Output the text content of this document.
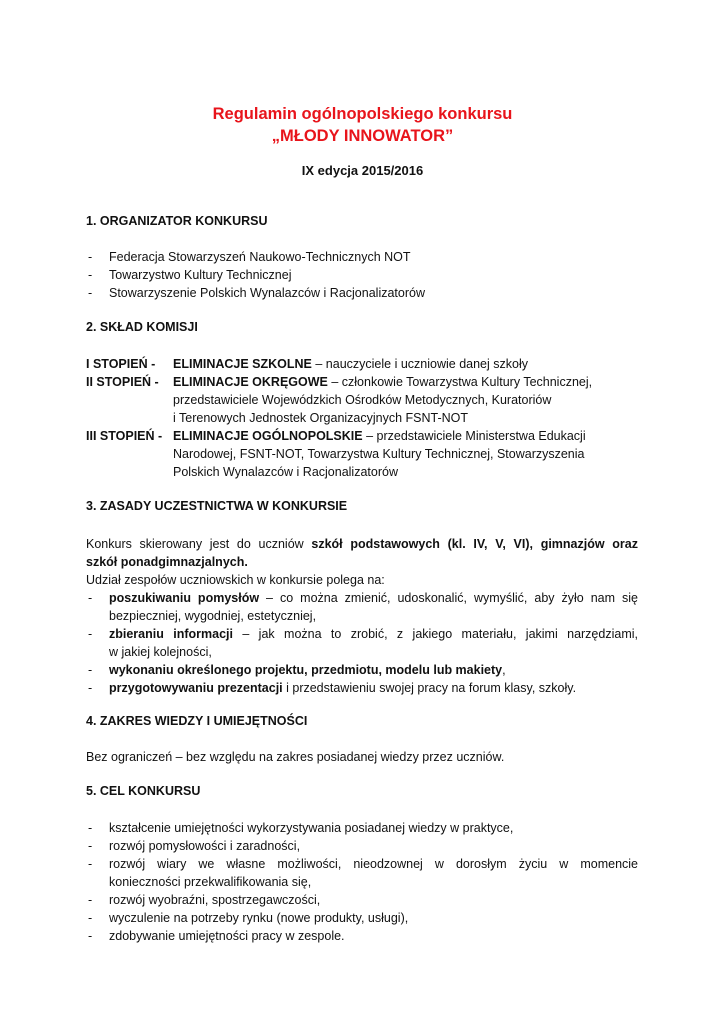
Regulamin ogólnopolskiego konkursu
„MŁODY INNOWATOR”
IX edycja 2015/2016
1. ORGANIZATOR KONKURSU
- Federacja Stowarzyszeń Naukowo-Technicznych NOT
- Towarzystwo Kultury Technicznej
- Stowarzyszenie Polskich Wynalazców i Racjonalizatorów
2. SKŁAD KOMISJI
I STOPIEŃ - ELIMINACJE SZKOLNE – nauczyciele i uczniowie danej szkoły
II STOPIEŃ - ELIMINACJE OKRĘGOWE – członkowie Towarzystwa Kultury Technicznej,
przedstawiciele Wojewódzkich Ośrodków Metodycznych, Kuratoriów
i Terenowych Jednostek Organizacyjnych FSNT-NOT
III STOPIEŃ - ELIMINACJE OGÓLNOPOLSKIE – przedstawiciele Ministerstwa Edukacji
Narodowej, FSNT-NOT, Towarzystwa Kultury Technicznej, Stowarzyszenia
Polskich Wynalazców i Racjonalizatorów
3. ZASADY UCZESTNICTWA W KONKURSIE
Konkurs skierowany jest do uczniów szkół podstawowych (kl. IV, V, VI), gimnazjów oraz
szkół ponadgimnazjalnych.
Udział zespołów uczniowskich w konkursie polega na:
- poszukiwaniu pomysłów – co można zmienić, udoskonalić, wymyślić, aby żyło nam się
bezpieczniej, wygodniej, estetyczniej,
- zbieraniu informacji – jak można to zrobić, z jakiego materiału, jakimi narzędziami,
w jakiej kolejności,
- wykonaniu określonego projektu, przedmiotu, modelu lub makiety,
- przygotowywaniu prezentacji i przedstawieniu swojej pracy na forum klasy, szkoły.
4. ZAKRES WIEDZY I UMIEJĘTNOŚCI
Bez ograniczeń – bez względu na zakres posiadanej wiedzy przez uczniów.
5. CEL KONKURSU
- kształcenie umiejętności wykorzystywania posiadanej wiedzy w praktyce,
- rozwój pomysłowości i zaradności,
- rozwój wiary we własne możliwości, nieodzownej w dorosłym życiu w momencie
konieczności przekwalifikowania się,
- rozwój wyobraźni, spostrzegawczości,
- wyczulenie na potrzeby rynku (nowe produkty, usługi),
- zdobywanie umiejętności pracy w zespole.
